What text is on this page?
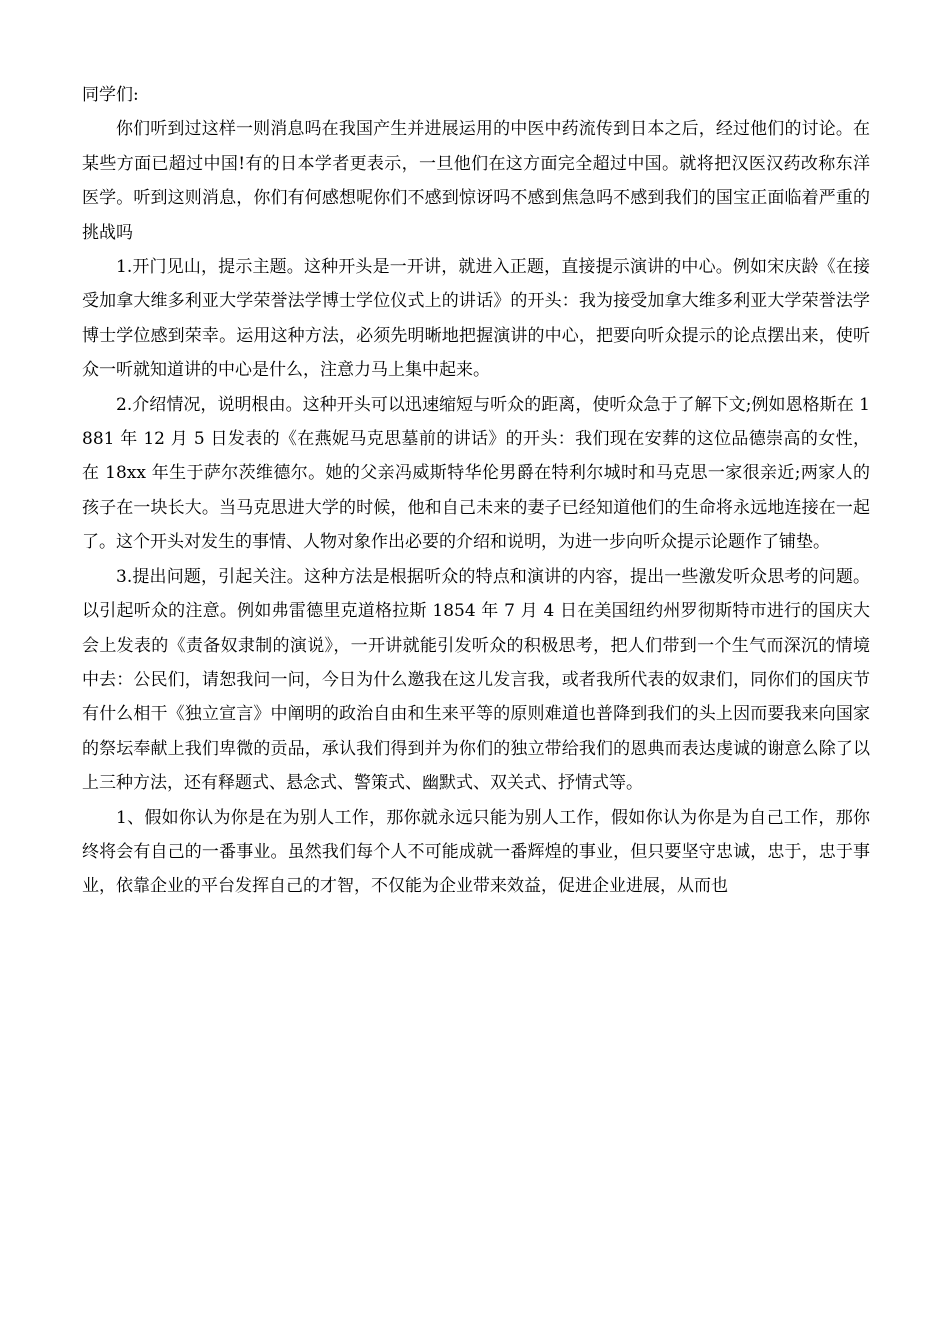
同学们:

你们听到过这样一则消息吗在我国产生并进展运用的中医中药流传到日本之后，经过他们的讨论。在某些方面已超过中国!有的日本学者更表示，一旦他们在这方面完全超过中国。就将把汉医汉药改称东洋医学。听到这则消息，你们有何感想呢你们不感到惊讶吗不感到焦急吗不感到我们的国宝正面临着严重的挑战吗

1.开门见山，提示主题。这种开头是一开讲，就进入正题，直接提示演讲的中心。例如宋庆龄《在接受加拿大维多利亚大学荣誉法学博士学位仪式上的讲话》的开头：我为接受加拿大维多利亚大学荣誉法学博士学位感到荣幸。运用这种方法，必须先明晰地把握演讲的中心，把要向听众提示的论点摆出来，使听众一听就知道讲的中心是什么，注意力马上集中起来。

2.介绍情况，说明根由。这种开头可以迅速缩短与听众的距离，使听众急于了解下文;例如恩格斯在 1881 年 12 月 5 日发表的《在燕妮马克思墓前的讲话》的开头：我们现在安葬的这位品德崇高的女性，在 18xx 年生于萨尔茨维德尔。她的父亲冯威斯特华伦男爵在特利尔城时和马克思一家很亲近;两家人的孩子在一块长大。当马克思进大学的时候，他和自己未来的妻子已经知道他们的生命将永远地连接在一起了。这个开头对发生的事情、人物对象作出必要的介绍和说明，为进一步向听众提示论题作了铺垫。

3.提出问题，引起关注。这种方法是根据听众的特点和演讲的内容，提出一些激发听众思考的问题。以引起听众的注意。例如弗雷德里克道格拉斯 1854 年 7 月 4 日在美国纽约州罗彻斯特市进行的国庆大会上发表的《责备奴隶制的演说》，一开讲就能引发听众的积极思考，把人们带到一个生气而深沉的情境中去：公民们，请恕我问一问，今日为什么邀我在这儿发言我，或者我所代表的奴隶们，同你们的国庆节有什么相干《独立宣言》中阐明的政治自由和生来平等的原则难道也普降到我们的头上因而要我来向国家的祭坛奉献上我们卑微的贡品，承认我们得到并为你们的独立带给我们的恩典而表达虔诚的谢意么除了以上三种方法，还有释题式、悬念式、警策式、幽默式、双关式、抒情式等。

1、假如你认为你是在为别人工作，那你就永远只能为别人工作，假如你认为你是为自己工作，那你终将会有自己的一番事业。虽然我们每个人不可能成就一番辉煌的事业，但只要坚守忠诚，忠于，忠于事业，依靠企业的平台发挥自己的才智，不仅能为企业带来效益，促进企业进展，从而也
